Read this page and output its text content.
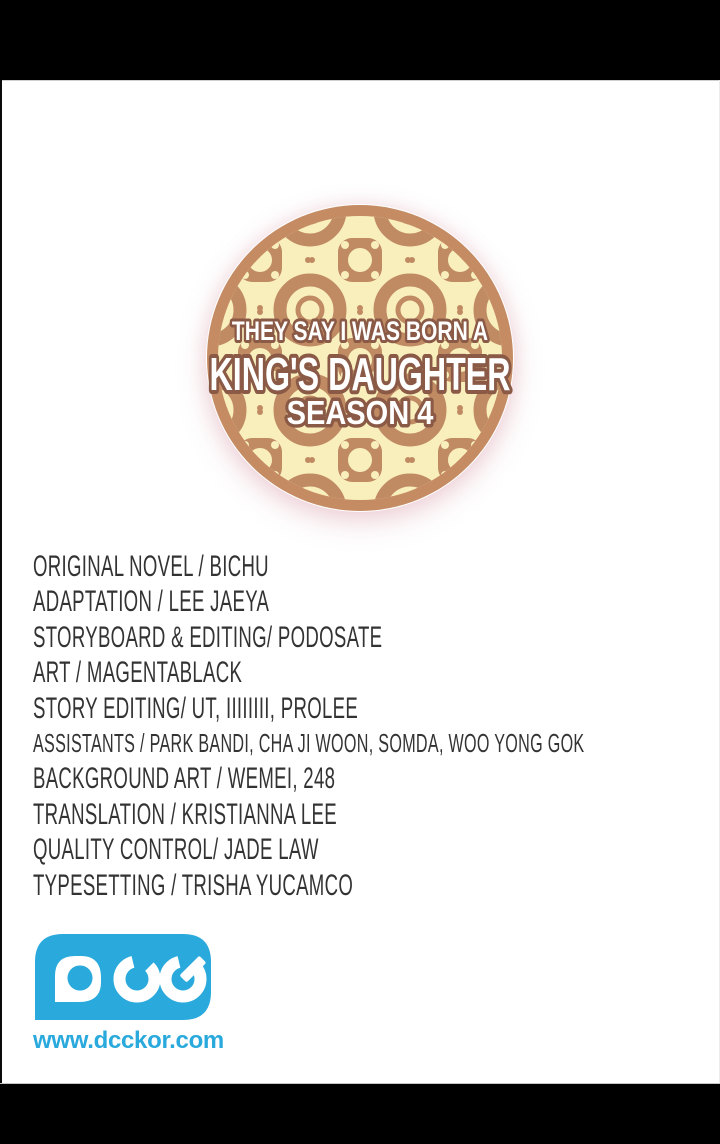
THEY SAY I WAS BORN A
KING'S DAUGHTER
SEASON 4
ORIGINAL NOVEL / BICHU
ADAPTATION / LEE JAEYA
STORYBOARD & EDITING/ PODOSATE
ART / MAGENTABLACK
STORY EDITING/ UT, IIIIIIII, PROLEE
ASSISTANTS / PARK BANDI, CHA JI WOON, SOMDA, WOO YONG GOK
BACKGROUND ART / WEMEI, 248
TRANSLATION / KRISTIANNA LEE
QUALITY CONTROL/ JADE LAW
TYPESETTING / TRISHA YUCAMCO
www.dcckor.com
